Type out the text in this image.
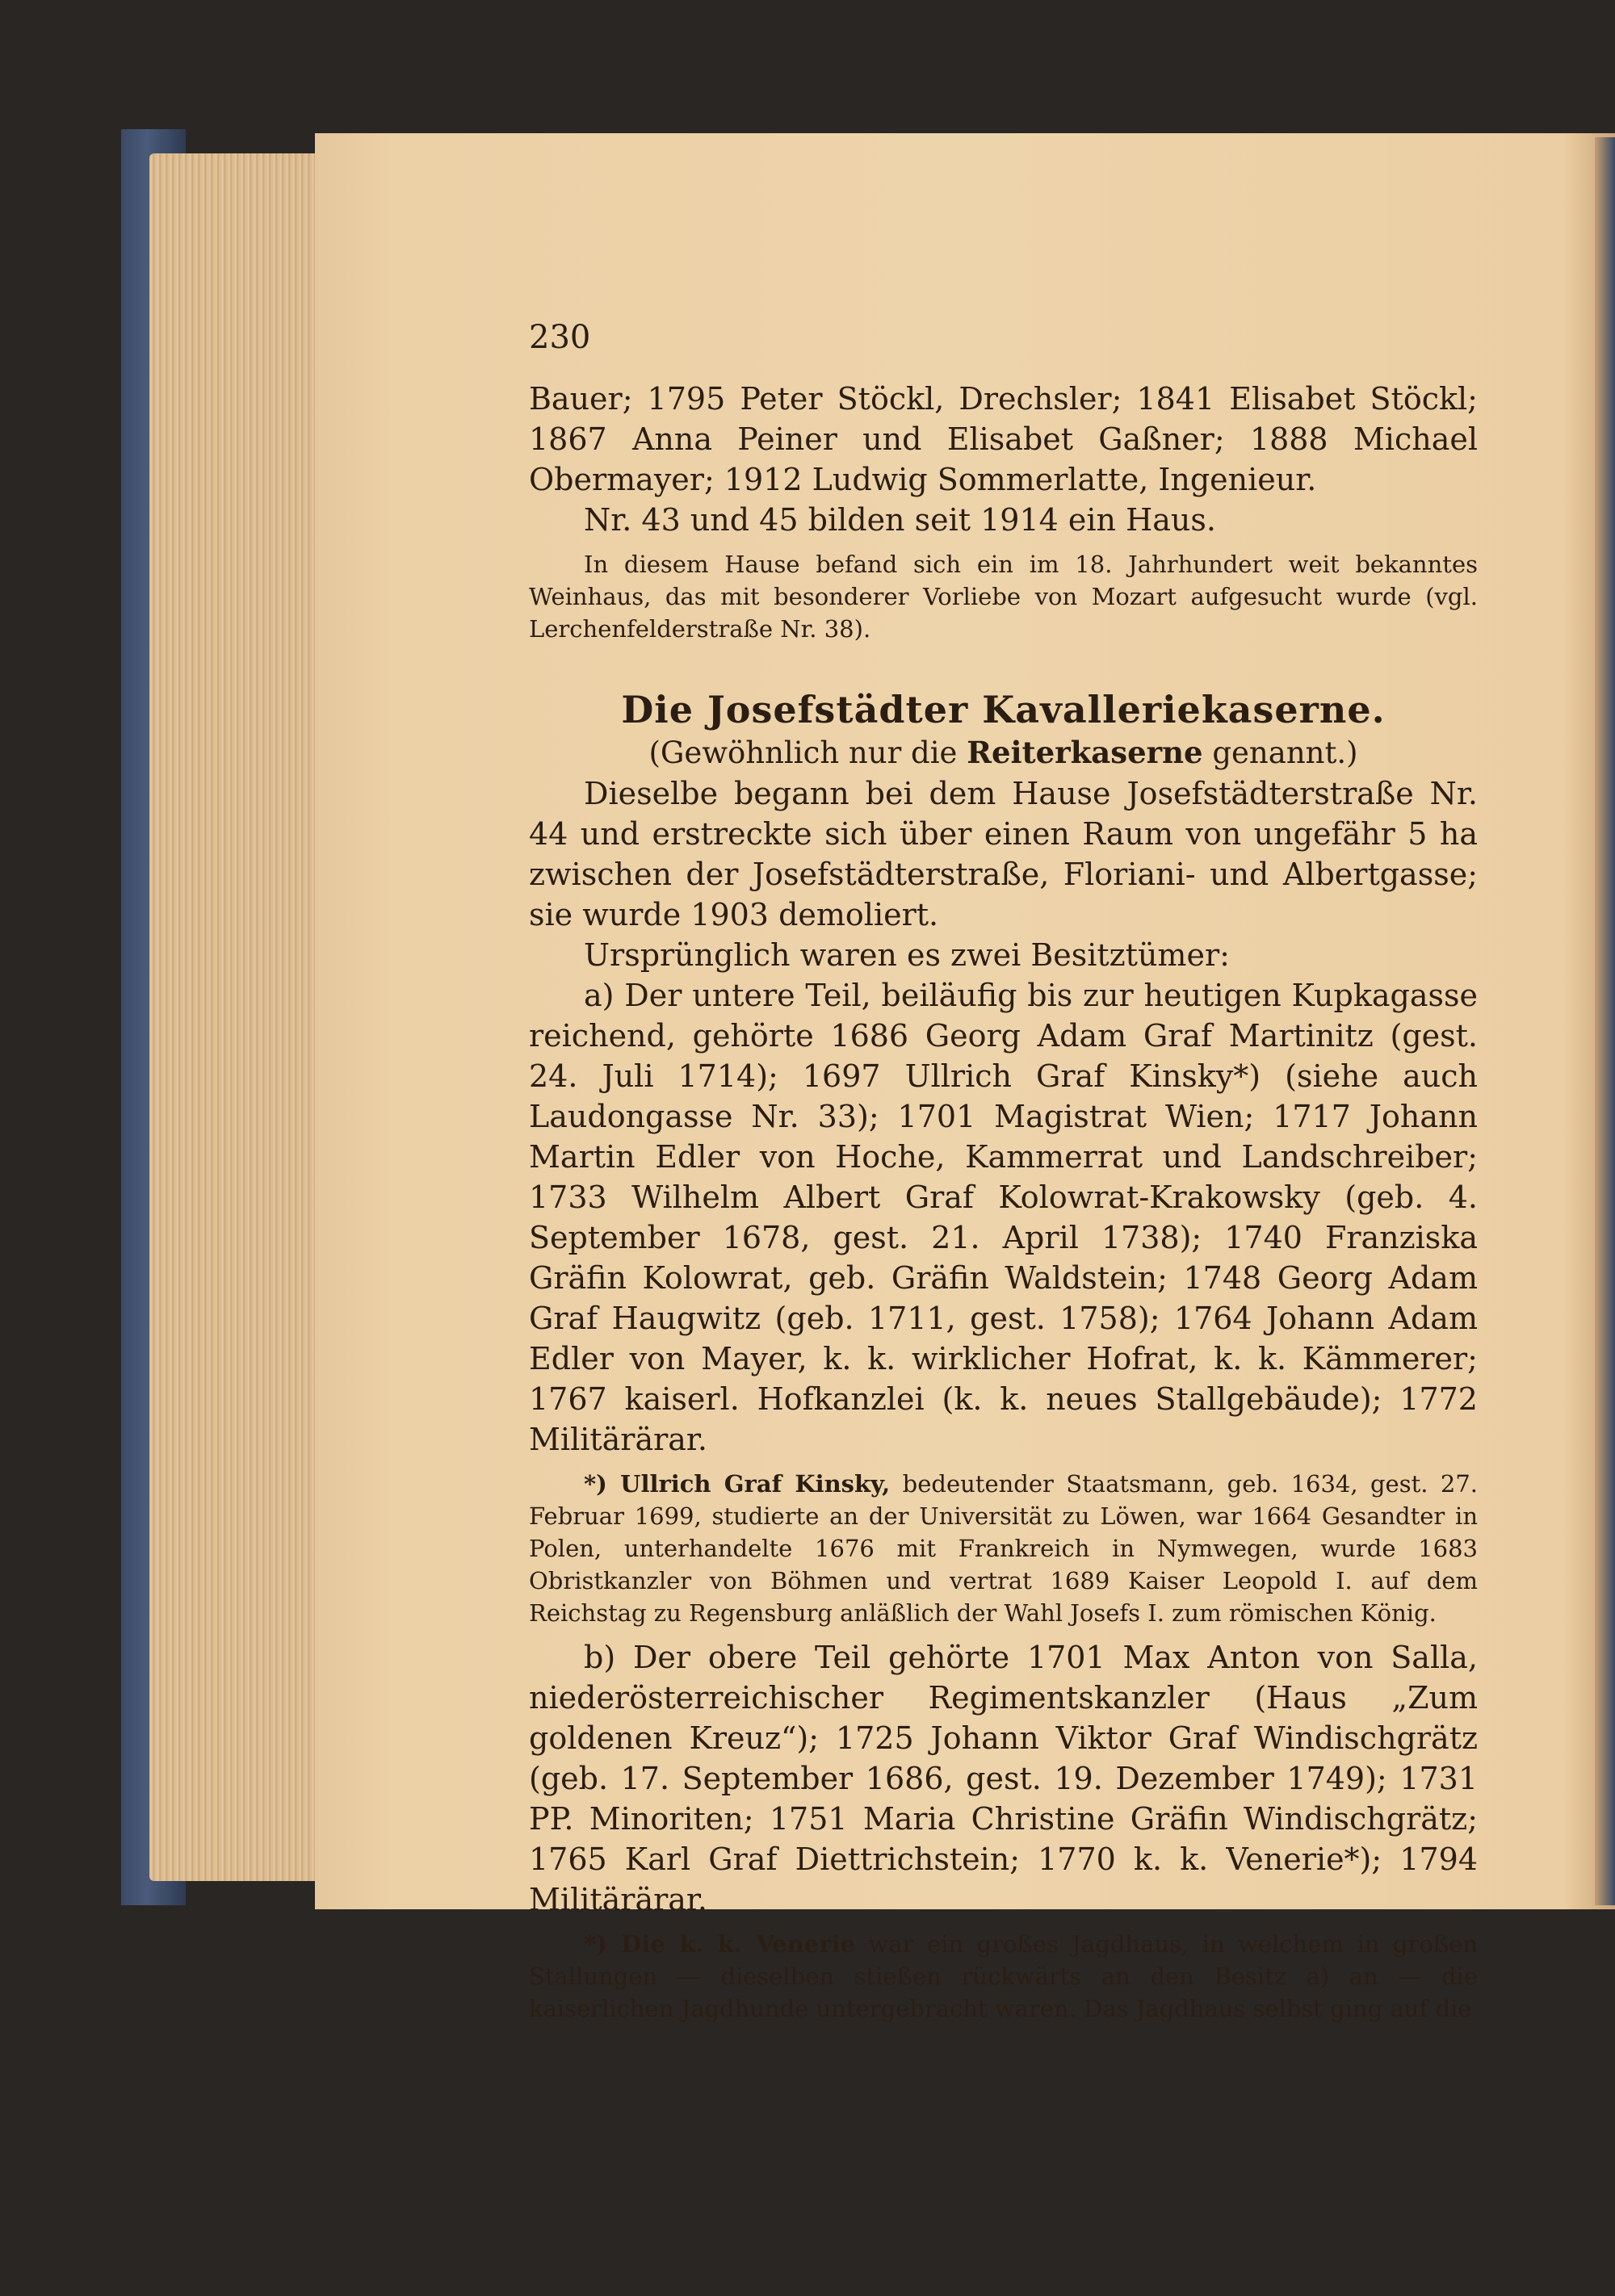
230

Bauer; 1795 Peter Stöckl, Drechsler; 1841 Elisabet Stöckl; 1867 Anna Peiner und Elisabet Gaßner; 1888 Michael Obermayer; 1912 Ludwig Sommerlatte, Ingenieur.

Nr. 43 und 45 bilden seit 1914 ein Haus.

In diesem Hause befand sich ein im 18. Jahrhundert weit bekanntes Weinhaus, das mit besonderer Vorliebe von Mozart aufgesucht wurde (vgl. Lerchenfelderstraße Nr. 38).

Die Josefstädter Kavalleriekaserne.
(Gewöhnlich nur die Reiterkaserne genannt.)

Dieselbe begann bei dem Hause Josefstädterstraße Nr. 44 und erstreckte sich über einen Raum von ungefähr 5 ha zwischen der Josefstädterstraße, Floriani- und Albertgasse; sie wurde 1903 demoliert.

Ursprünglich waren es zwei Besitztümer:

a) Der untere Teil, beiläufig bis zur heutigen Kupkagasse reichend, gehörte 1686 Georg Adam Graf Martinitz (gest. 24. Juli 1714); 1697 Ullrich Graf Kinsky*) (siehe auch Laudongasse Nr. 33); 1701 Magistrat Wien; 1717 Johann Martin Edler von Hoche, Kammerrat und Landschreiber; 1733 Wilhelm Albert Graf Kolowrat-Krakowsky (geb. 4. September 1678, gest. 21. April 1738); 1740 Franziska Gräfin Kolowrat, geb. Gräfin Waldstein; 1748 Georg Adam Graf Haugwitz (geb. 1711, gest. 1758); 1764 Johann Adam Edler von Mayer, k. k. wirklicher Hofrat, k. k. Kämmerer; 1767 kaiserl. Hofkanzlei (k. k. neues Stallgebäude); 1772 Militärärar.

*) Ullrich Graf Kinsky, bedeutender Staatsmann, geb. 1634, gest. 27. Februar 1699, studierte an der Universität zu Löwen, war 1664 Gesandter in Polen, unterhandelte 1676 mit Frankreich in Nymwegen, wurde 1683 Obristkanzler von Böhmen und vertrat 1689 Kaiser Leopold I. auf dem Reichstag zu Regensburg anläßlich der Wahl Josefs I. zum römischen König.

b) Der obere Teil gehörte 1701 Max Anton von Salla, niederösterreichischer Regimentskanzler (Haus „Zum goldenen Kreuz“); 1725 Johann Viktor Graf Windischgrätz (geb. 17. September 1686, gest. 19. Dezember 1749); 1731 PP. Minoriten; 1751 Maria Christine Gräfin Windischgrätz; 1765 Karl Graf Diettrichstein; 1770 k. k. Venerie*); 1794 Militärärar.

*) Die k. k. Venerie war ein großes Jagdhaus, in welchem in großen Stallungen — dieselben stießen rückwärts an den Besitz a) an — die kaiserlichen Jagdhunde untergebracht waren. Das Jagdhaus selbst ging auf die
